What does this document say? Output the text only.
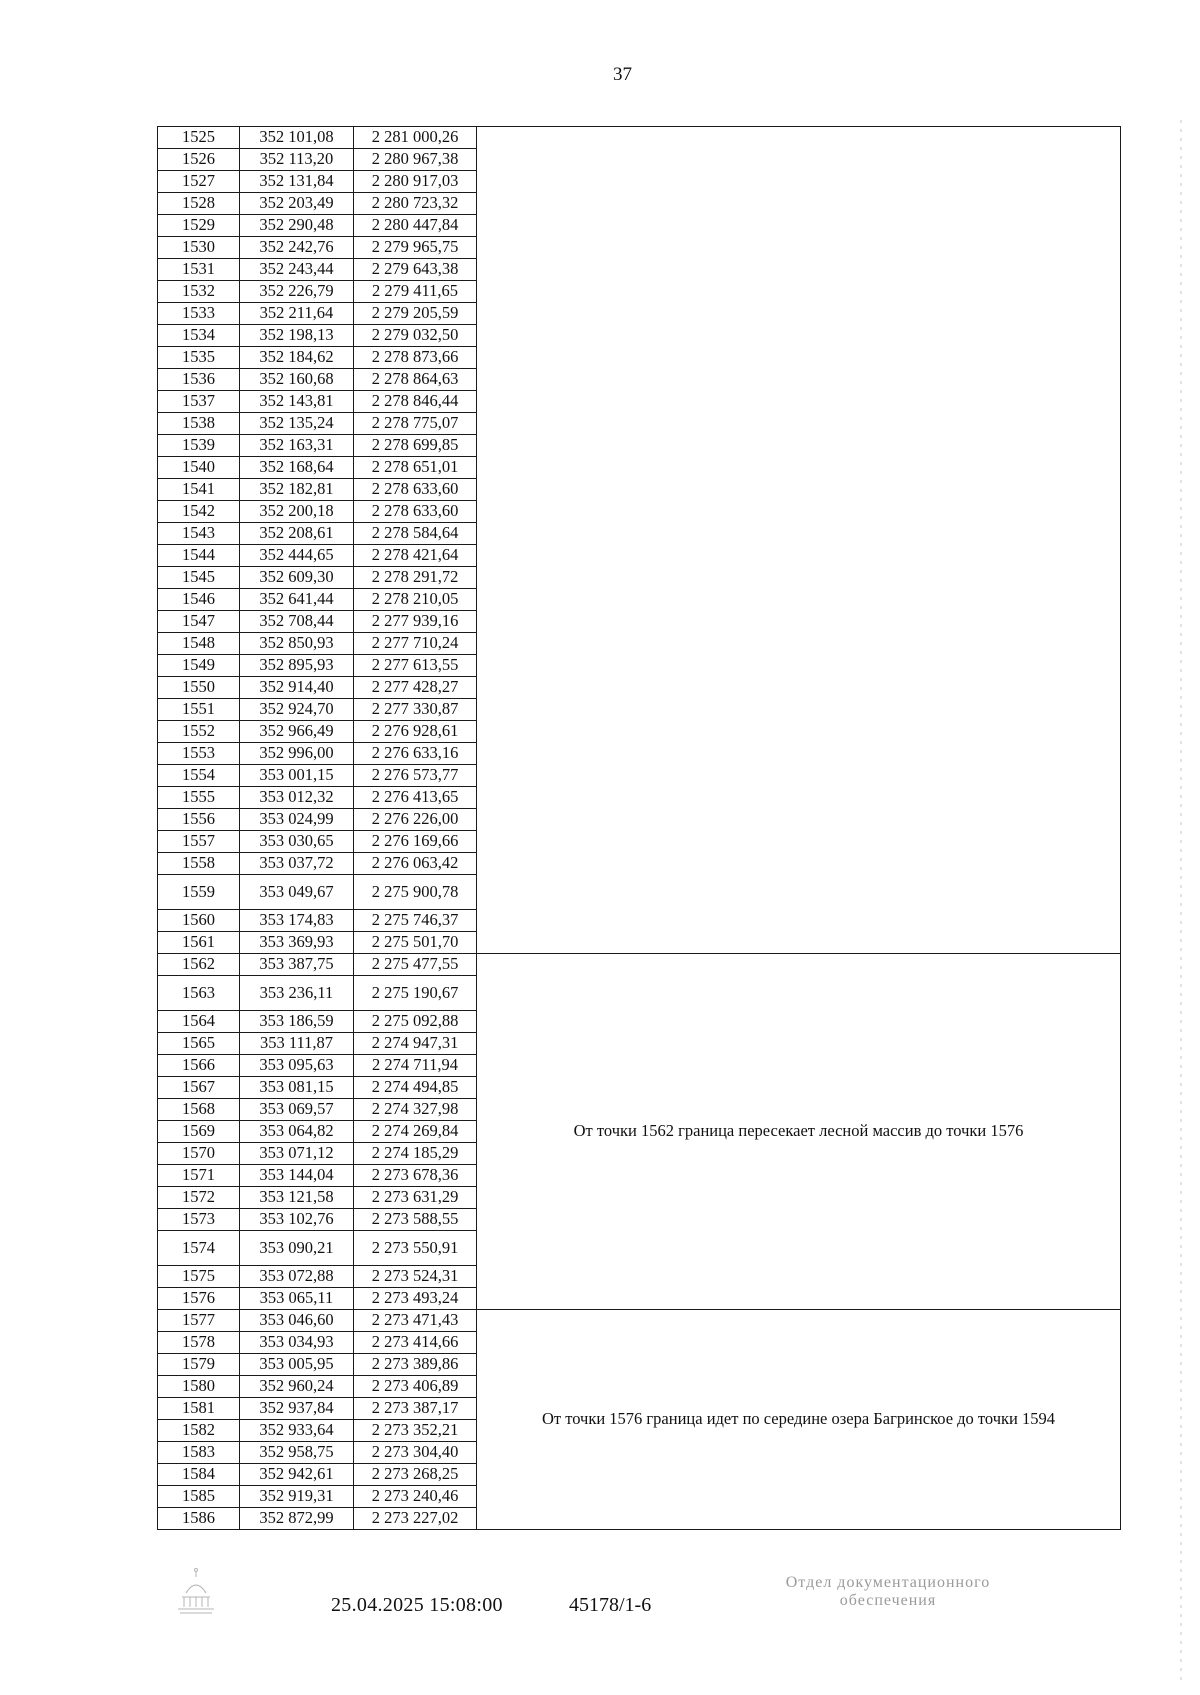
37
1525	352 101,08	2 281 000,26	
1526	352 113,20	2 280 967,38	
1527	352 131,84	2 280 917,03	
1528	352 203,49	2 280 723,32	
1529	352 290,48	2 280 447,84	
1530	352 242,76	2 279 965,75	
1531	352 243,44	2 279 643,38	
1532	352 226,79	2 279 411,65	
1533	352 211,64	2 279 205,59	
1534	352 198,13	2 279 032,50	
1535	352 184,62	2 278 873,66	
1536	352 160,68	2 278 864,63	
1537	352 143,81	2 278 846,44	
1538	352 135,24	2 278 775,07	
1539	352 163,31	2 278 699,85	
1540	352 168,64	2 278 651,01	
1541	352 182,81	2 278 633,60	
1542	352 200,18	2 278 633,60	
1543	352 208,61	2 278 584,64	
1544	352 444,65	2 278 421,64	
1545	352 609,30	2 278 291,72	
1546	352 641,44	2 278 210,05	
1547	352 708,44	2 277 939,16	
1548	352 850,93	2 277 710,24	
1549	352 895,93	2 277 613,55	
1550	352 914,40	2 277 428,27	
1551	352 924,70	2 277 330,87	
1552	352 966,49	2 276 928,61	
1553	352 996,00	2 276 633,16	
1554	353 001,15	2 276 573,77	
1555	353 012,32	2 276 413,65	
1556	353 024,99	2 276 226,00	
1557	353 030,65	2 276 169,66	
1558	353 037,72	2 276 063,42	
1559	353 049,67	2 275 900,78	
1560	353 174,83	2 275 746,37	
1561	353 369,93	2 275 501,70	
1562	353 387,75	2 275 477,55	От точки 1562 граница пересекает лесной массив до точки 1576
1563	353 236,11	2 275 190,67	
1564	353 186,59	2 275 092,88	
1565	353 111,87	2 274 947,31	
1566	353 095,63	2 274 711,94	
1567	353 081,15	2 274 494,85	
1568	353 069,57	2 274 327,98	
1569	353 064,82	2 274 269,84	
1570	353 071,12	2 274 185,29	
1571	353 144,04	2 273 678,36	
1572	353 121,58	2 273 631,29	
1573	353 102,76	2 273 588,55	
1574	353 090,21	2 273 550,91	
1575	353 072,88	2 273 524,31	
1576	353 065,11	2 273 493,24	
1577	353 046,60	2 273 471,43	От точки 1576 граница идет по середине озера Багринское до точки 1594
1578	353 034,93	2 273 414,66	
1579	353 005,95	2 273 389,86	
1580	352 960,24	2 273 406,89	
1581	352 937,84	2 273 387,17	
1582	352 933,64	2 273 352,21	
1583	352 958,75	2 273 304,40	
1584	352 942,61	2 273 268,25	
1585	352 919,31	2 273 240,46	
1586	352 872,99	2 273 227,02	
25.04.2025 15:08:00	45178/1-6
Отдел документационного
обеспечения
